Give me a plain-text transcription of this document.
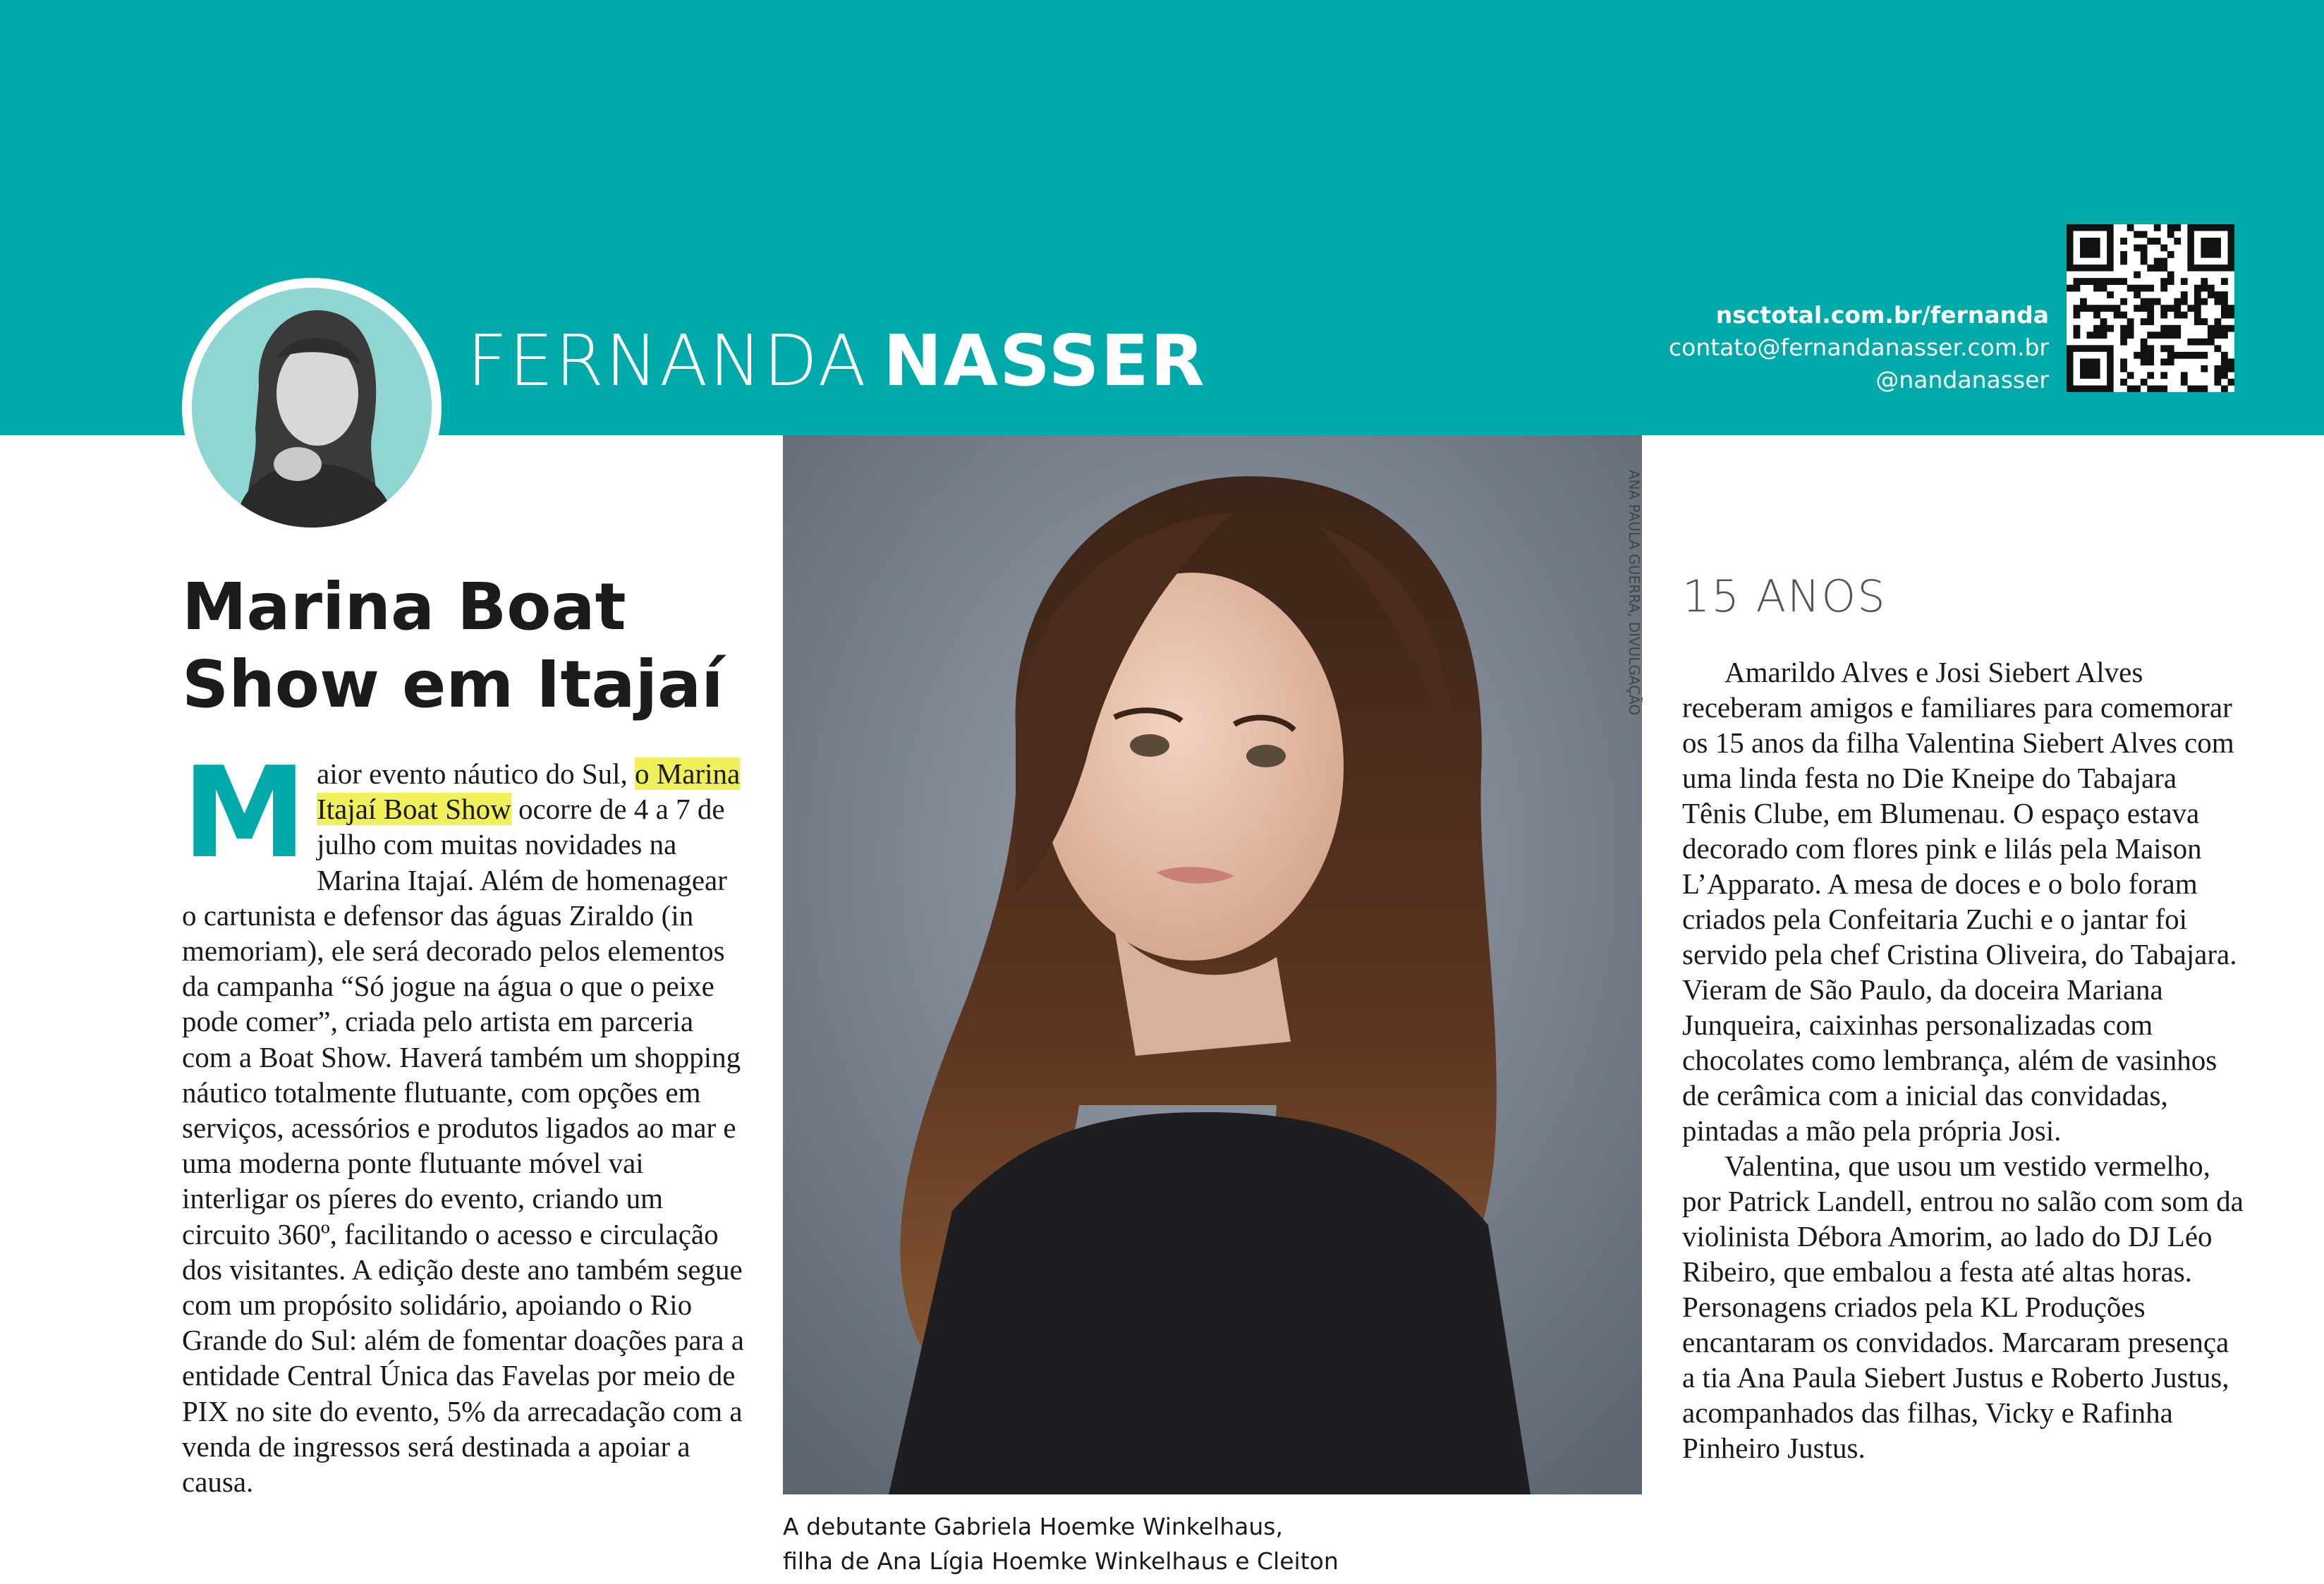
FERNANDA NASSER
nsctotal.com.br/fernanda
contato@fernandanasser.com.br
@nandanasser
Marina Boat
Show em Itajaí
Maior evento náutico do Sul, o Marina Itajaí Boat Show ocorre de 4 a 7 de julho com muitas novidades na Marina Itajaí. Além de homenagear o cartunista e defensor das águas Ziraldo (in memoriam), ele será decorado pelos elementos da campanha “Só jogue na água o que o peixe pode comer”, criada pelo artista em parceria com a Boat Show. Haverá também um shopping náutico totalmente flutuante, com opções em serviços, acessórios e produtos ligados ao mar e uma moderna ponte flutuante móvel vai interligar os píeres do evento, criando um circuito 360º, facilitando o acesso e circulação dos visitantes. A edição deste ano também segue com um propósito solidário, apoiando o Rio Grande do Sul: além de fomentar doações para a entidade Central Única das Favelas por meio de PIX no site do evento, 5% da arrecadação com a venda de ingressos será destinada a apoiar a causa.
ANA PAULA GUERRA, DIVULGAÇÃO
A debutante Gabriela Hoemke Winkelhaus,
filha de Ana Lígia Hoemke Winkelhaus e Cleiton
15 ANOS

Amarildo Alves e Josi Siebert Alves receberam amigos e familiares para comemorar os 15 anos da filha Valentina Siebert Alves com uma linda festa no Die Kneipe do Tabajara Tênis Clube, em Blumenau. O espaço estava decorado com flores pink e lilás pela Maison L’Apparato. A mesa de doces e o bolo foram criados pela Confeitaria Zuchi e o jantar foi servido pela chef Cristina Oliveira, do Tabajara. Vieram de São Paulo, da doceira Mariana Junqueira, caixinhas personalizadas com chocolates como lembrança, além de vasinhos de cerâmica com a inicial das convidadas, pintadas a mão pela própria Josi.

Valentina, que usou um vestido vermelho, por Patrick Landell, entrou no salão com som da violinista Débora Amorim, ao lado do DJ Léo Ribeiro, que embalou a festa até altas horas. Personagens criados pela KL Produções encantaram os convidados. Marcaram presença a tia Ana Paula Siebert Justus e Roberto Justus, acompanhados das filhas, Vicky e Rafinha Pinheiro Justus.
